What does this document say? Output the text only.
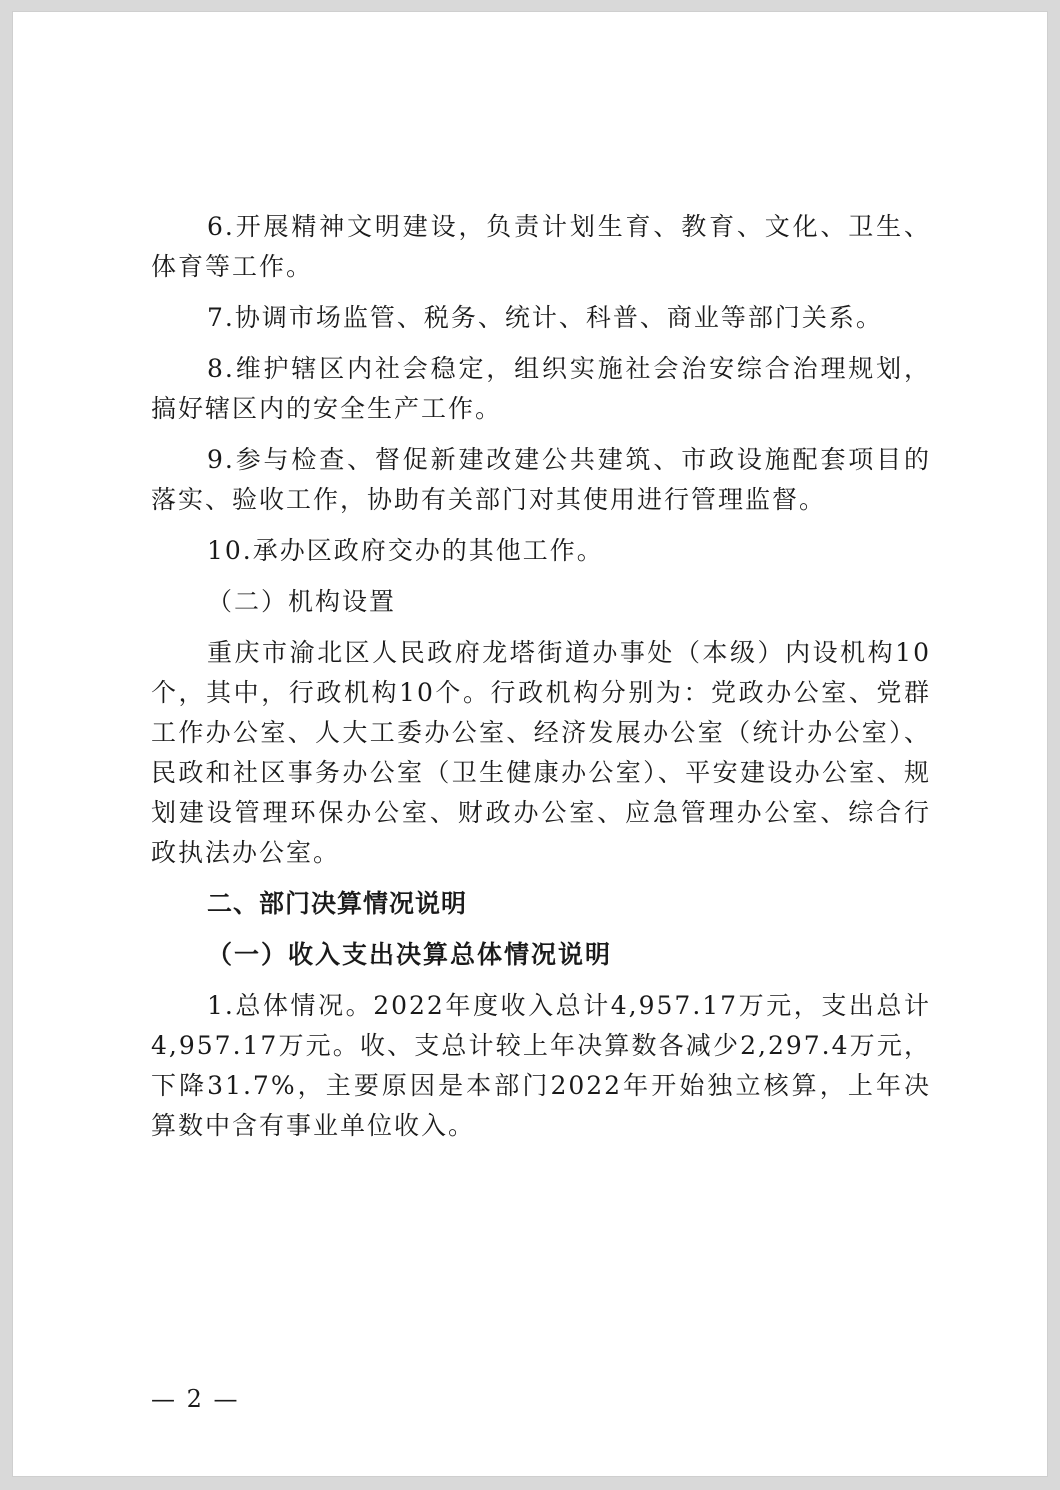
6.开展精神文明建设，负责计划生育、教育、文化、卫生、体育等工作。

7.协调市场监管、税务、统计、科普、商业等部门关系。

8.维护辖区内社会稳定，组织实施社会治安综合治理规划，搞好辖区内的安全生产工作。

9.参与检查、督促新建改建公共建筑、市政设施配套项目的落实、验收工作，协助有关部门对其使用进行管理监督。

10.承办区政府交办的其他工作。

（二）机构设置

重庆市渝北区人民政府龙塔街道办事处（本级）内设机构10个，其中，行政机构10个。行政机构分别为：党政办公室、党群工作办公室、人大工委办公室、经济发展办公室（统计办公室）、民政和社区事务办公室（卫生健康办公室）、平安建设办公室、规划建设管理环保办公室、财政办公室、应急管理办公室、综合行政执法办公室。

二、部门决算情况说明

（一）收入支出决算总体情况说明

1.总体情况。2022年度收入总计4,957.17万元，支出总计4,957.17万元。收、支总计较上年决算数各减少2,297.4万元，下降31.7%，主要原因是本部门2022年开始独立核算，上年决算数中含有事业单位收入。

— 2 —
